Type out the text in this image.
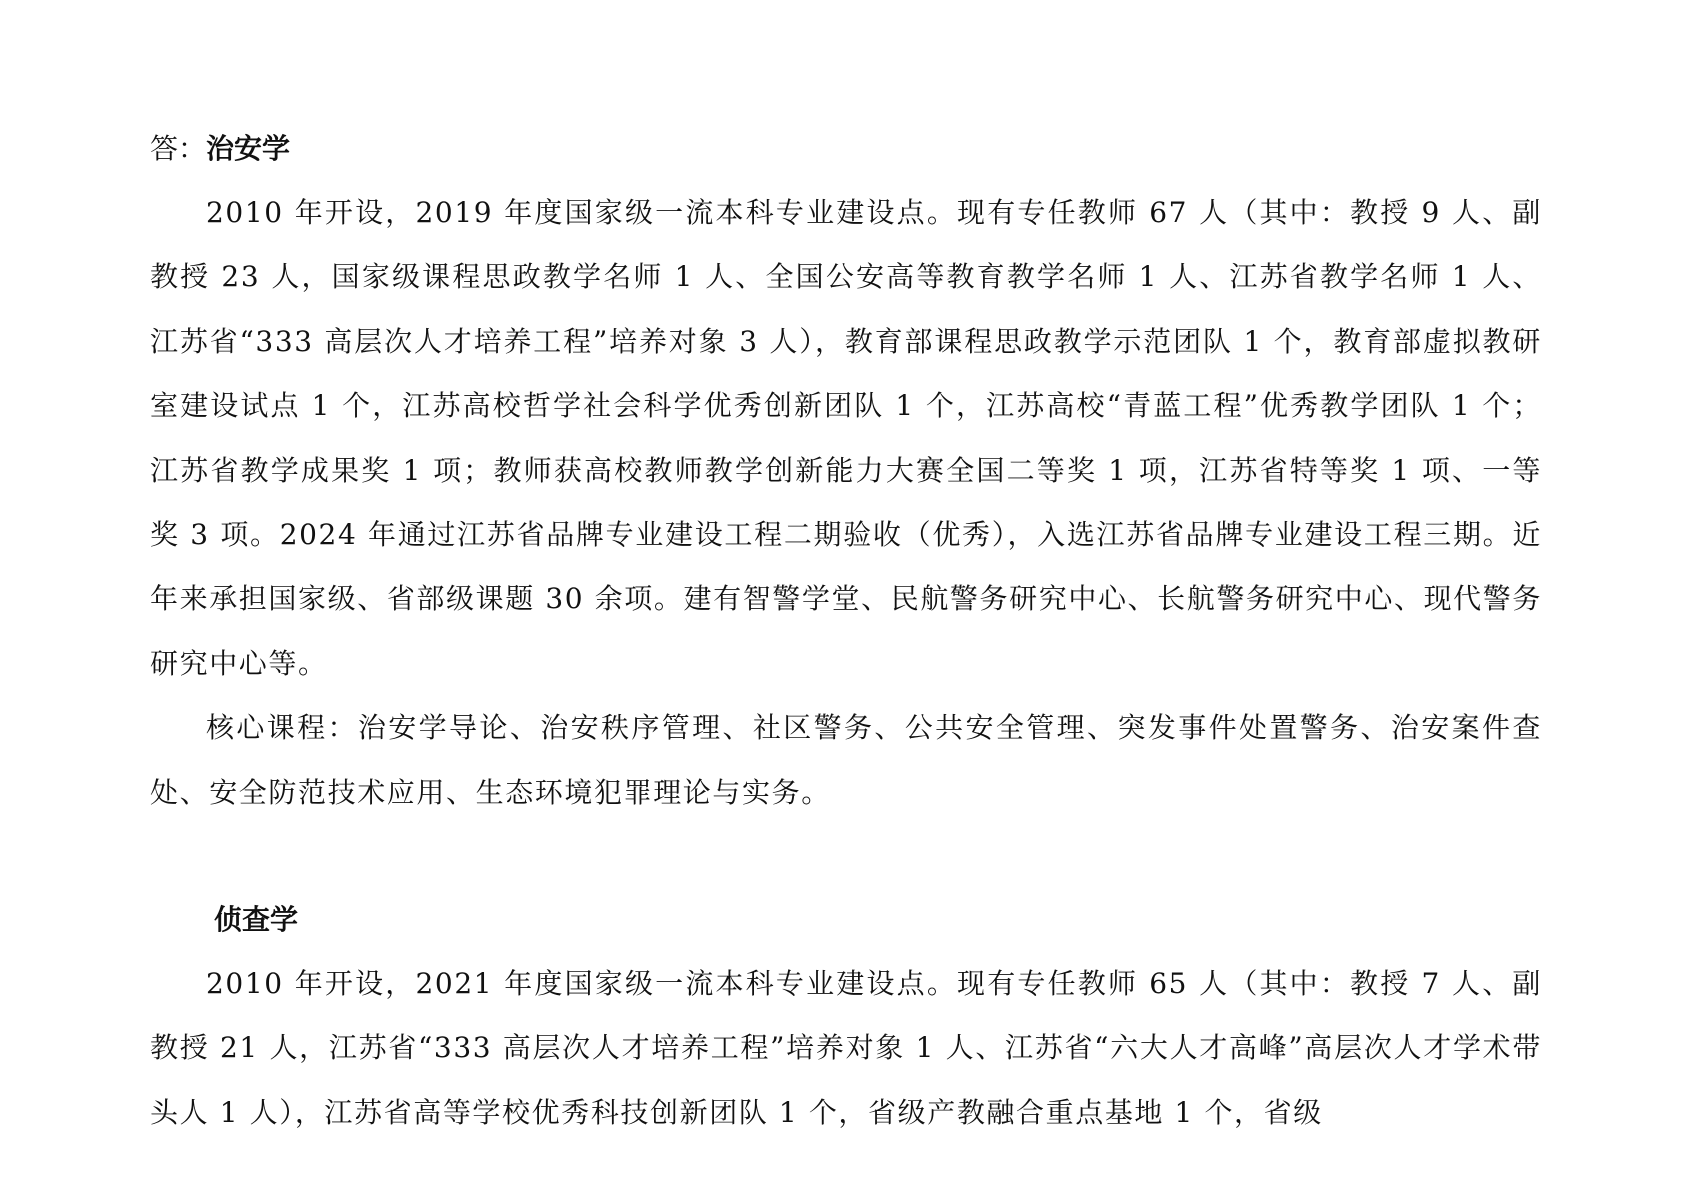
答：治安学

2010 年开设，2019 年度国家级一流本科专业建设点。现有专任教师 67 人（其中：教授 9 人、副教授 23 人，国家级课程思政教学名师 1 人、全国公安高等教育教学名师 1 人、江苏省教学名师 1 人、江苏省“333 高层次人才培养工程”培养对象 3 人），教育部课程思政教学示范团队 1 个，教育部虚拟教研室建设试点 1 个，江苏高校哲学社会科学优秀创新团队 1 个，江苏高校“青蓝工程”优秀教学团队 1 个；江苏省教学成果奖 1 项；教师获高校教师教学创新能力大赛全国二等奖 1 项，江苏省特等奖 1 项、一等奖 3 项。2024 年通过江苏省品牌专业建设工程二期验收（优秀），入选江苏省品牌专业建设工程三期。近年来承担国家级、省部级课题 30 余项。建有智警学堂、民航警务研究中心、长航警务研究中心、现代警务研究中心等。

核心课程：治安学导论、治安秩序管理、社区警务、公共安全管理、突发事件处置警务、治安案件查处、安全防范技术应用、生态环境犯罪理论与实务。

侦查学

2010 年开设，2021 年度国家级一流本科专业建设点。现有专任教师 65 人（其中：教授 7 人、副教授 21 人，江苏省“333 高层次人才培养工程”培养对象 1 人、江苏省“六大人才高峰”高层次人才学术带头人 1 人），江苏省高等学校优秀科技创新团队 1 个，省级产教融合重点基地 1 个，省级
